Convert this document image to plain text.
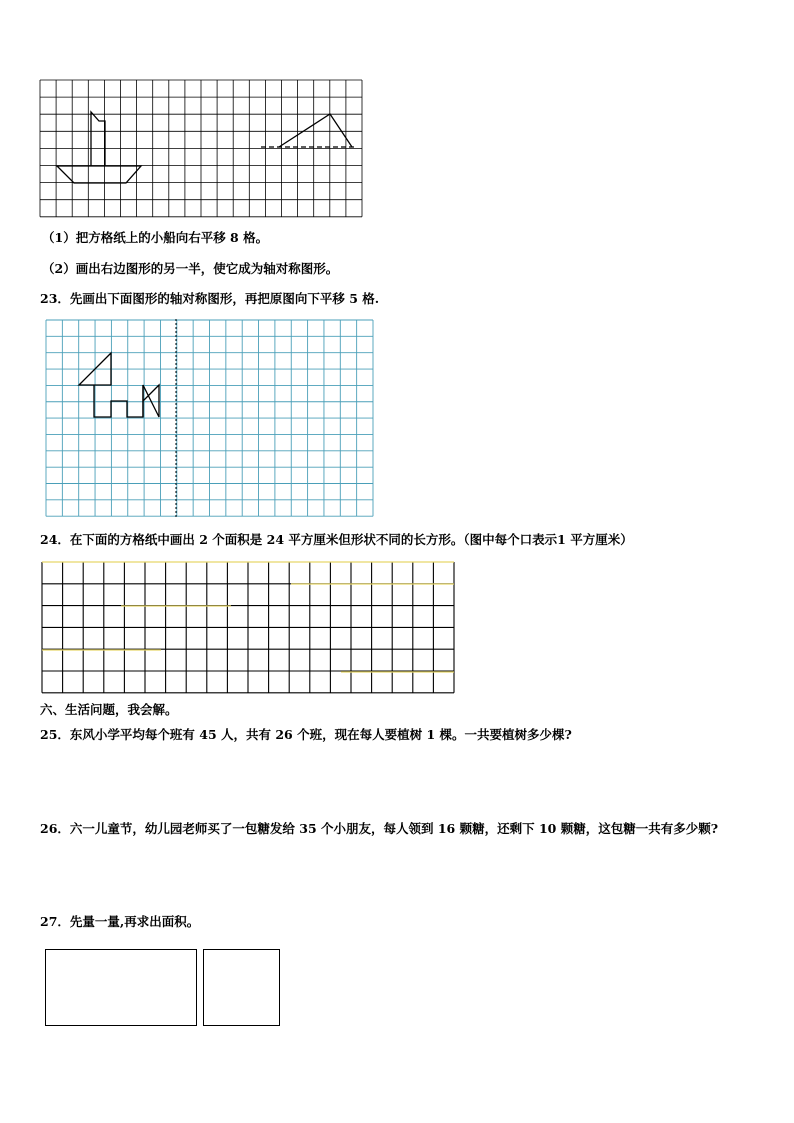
（1）把方格纸上的小船向右平移 8 格。
（2）画出右边图形的另一半，使它成为轴对称图形。
23．先画出下面图形的轴对称图形，再把原图向下平移 5 格.
24．在下面的方格纸中画出 2 个面积是 24 平方厘米但形状不同的长方形。（图中每个口表示1 平方厘米）
六、生活问题，我会解。
25．东风小学平均每个班有 45 人，共有 26 个班，现在每人要植树 1 棵。一共要植树多少棵?
26．六一儿童节，幼儿园老师买了一包糖发给 35 个小朋友，每人领到 16 颗糖，还剩下 10 颗糖，这包糖一共有多少颗?
27．先量一量,再求出面积。
